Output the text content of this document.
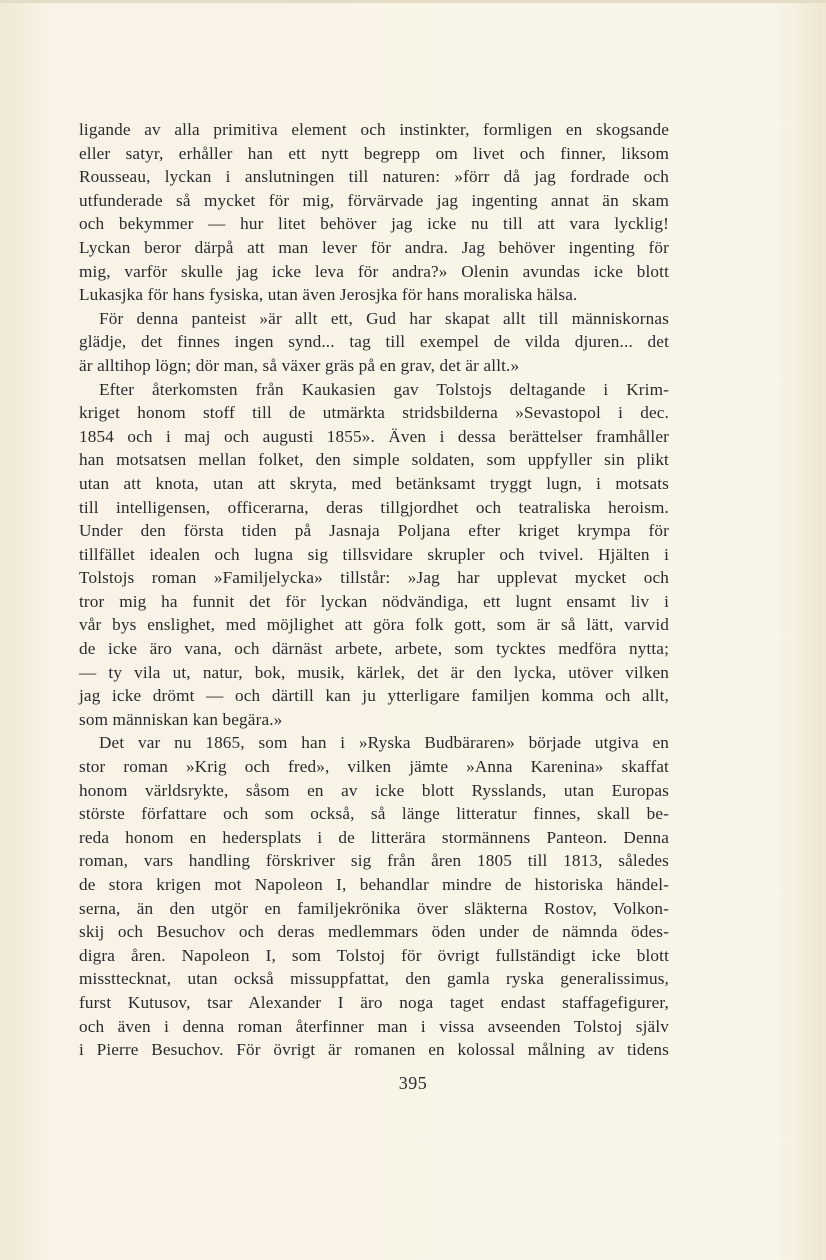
ligande av alla primitiva element och instinkter, formligen en skogsande
eller satyr, erhåller han ett nytt begrepp om livet och finner, liksom
Rousseau, lyckan i anslutningen till naturen: »förr då jag fordrade och
utfunderade så mycket för mig, förvärvade jag ingenting annat än skam
och bekymmer — hur litet behöver jag icke nu till att vara lycklig!
Lyckan beror därpå att man lever för andra. Jag behöver ingenting för
mig, varför skulle jag icke leva för andra?» Olenin avundas icke blott
Lukasjka för hans fysiska, utan även Jerosjka för hans moraliska hälsa.
För denna panteist »är allt ett, Gud har skapat allt till människornas
glädje, det finnes ingen synd... tag till exempel de vilda djuren... det
är alltihop lögn; dör man, så växer gräs på en grav, det är allt.»
Efter återkomsten från Kaukasien gav Tolstojs deltagande i Krim-
kriget honom stoff till de utmärkta stridsbilderna »Sevastopol i dec.
1854 och i maj och augusti 1855». Även i dessa berättelser framhåller
han motsatsen mellan folket, den simple soldaten, som uppfyller sin plikt
utan att knota, utan att skryta, med betänksamt tryggt lugn, i motsats
till intelligensen, officerarna, deras tillgjordhet och teatraliska heroism.
Under den första tiden på Jasnaja Poljana efter kriget krympa för
tillfället idealen och lugna sig tillsvidare skrupler och tvivel. Hjälten i
Tolstojs roman »Familjelycka» tillstår: »Jag har upplevat mycket och
tror mig ha funnit det för lyckan nödvändiga, ett lugnt ensamt liv i
vår bys enslighet, med möjlighet att göra folk gott, som är så lätt, varvid
de icke äro vana, och därnäst arbete, arbete, som tycktes medföra nytta;
— ty vila ut, natur, bok, musik, kärlek, det är den lycka, utöver vilken
jag icke drömt — och därtill kan ju ytterligare familjen komma och allt,
som människan kan begära.»
Det var nu 1865, som han i »Ryska Budbäraren» började utgiva en
stor roman »Krig och fred», vilken jämte »Anna Karenina» skaffat
honom världsrykte, såsom en av icke blott Rysslands, utan Europas
störste författare och som också, så länge litteratur finnes, skall be-
reda honom en hedersplats i de litterära stormännens Panteon. Denna
roman, vars handling förskriver sig från åren 1805 till 1813, således
de stora krigen mot Napoleon I, behandlar mindre de historiska händel-
serna, än den utgör en familjekrönika över släkterna Rostov, Volkon-
skij och Besuchov och deras medlemmars öden under de nämnda ödes-
digra åren. Napoleon I, som Tolstoj för övrigt fullständigt icke blott
missttecknat, utan också missuppfattat, den gamla ryska generalissimus,
furst Kutusov, tsar Alexander I äro noga taget endast staffagefigurer,
och även i denna roman återfinner man i vissa avseenden Tolstoj själv
i Pierre Besuchov. För övrigt är romanen en kolossal målning av tidens
395
